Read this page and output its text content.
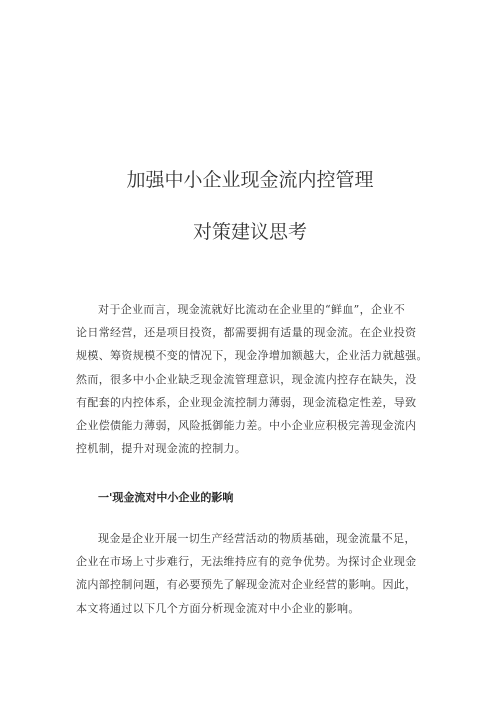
加强中小企业现金流内控管理
对策建议思考
对于企业而言，现金流就好比流动在企业里的“鲜血”，企业不
论日常经营，还是项目投资，都需要拥有适量的现金流。在企业投资
规模、筹资规模不变的情况下，现金净增加额越大，企业活力就越强。
然而，很多中小企业缺乏现金流管理意识，现金流内控存在缺失，没
有配套的内控体系，企业现金流控制力薄弱，现金流稳定性差，导致
企业偿债能力薄弱，风险抵御能力差。中小企业应积极完善现金流内
控机制，提升对现金流的控制力。
一'现金流对中小企业的影响
现金是企业开展一切生产经营活动的物质基础，现金流量不足，
企业在市场上寸步难行，无法维持应有的竞争优势。为探讨企业现金
流内部控制问题，有必要预先了解现金流对企业经营的影响。因此，
本文将通过以下几个方面分析现金流对中小企业的影响。
